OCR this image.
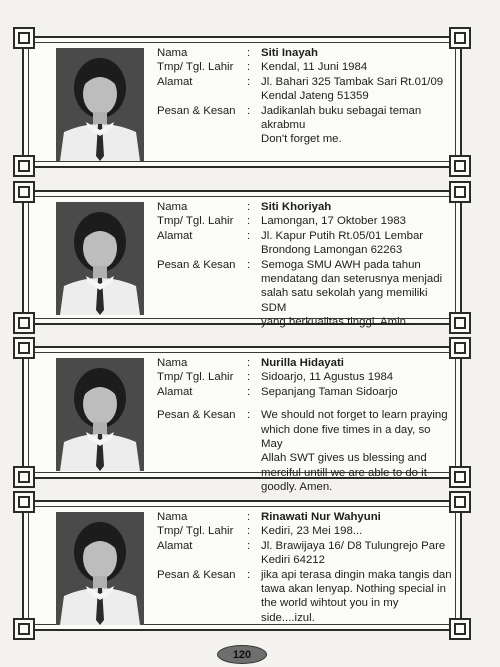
Nama	: Siti Inayah
Tmp/ Tgl. Lahir	: Kendal, 11 Juni 1984
Alamat	: Jl. Bahari 325 Tambak Sari Rt.01/09
Kendal Jateng 51359
Pesan & Kesan	: Jadikanlah buku sebagai teman
akrabmu
Don't forget me.
Nama	: Siti Khoriyah
Tmp/ Tgl. Lahir	: Lamongan, 17 Oktober 1983
Alamat	: Jl. Kapur Putih Rt.05/01 Lembar
Brondong Lamongan 62263
Pesan & Kesan	: Semoga SMU AWH pada tahun
mendatang dan seterusnya menjadi
salah satu sekolah yang memiliki SDM
yang berkualitas tinggi. Amin.
Nama	: Nurilla Hidayati
Tmp/ Tgl. Lahir	: Sidoarjo, 11 Agustus 1984
Alamat	: Sepanjang Taman Sidoarjo
Pesan & Kesan	: We should not forget to learn praying
which done five times in a day, so May
Allah SWT gives us blessing and
merciful untill we are able to do it
goodly. Amen.
Nama	: Rinawati Nur Wahyuni
Tmp/ Tgl. Lahir	: Kediri, 23 Mei 198...
Alamat	: Jl. Brawijaya 16/ D8 Tulungrejo Pare
Kediri 64212
Pesan & Kesan	: jika api terasa dingin maka tangis dan
tawa akan lenyap. Nothing special in
the world wihtout you in my side....izul.
120
